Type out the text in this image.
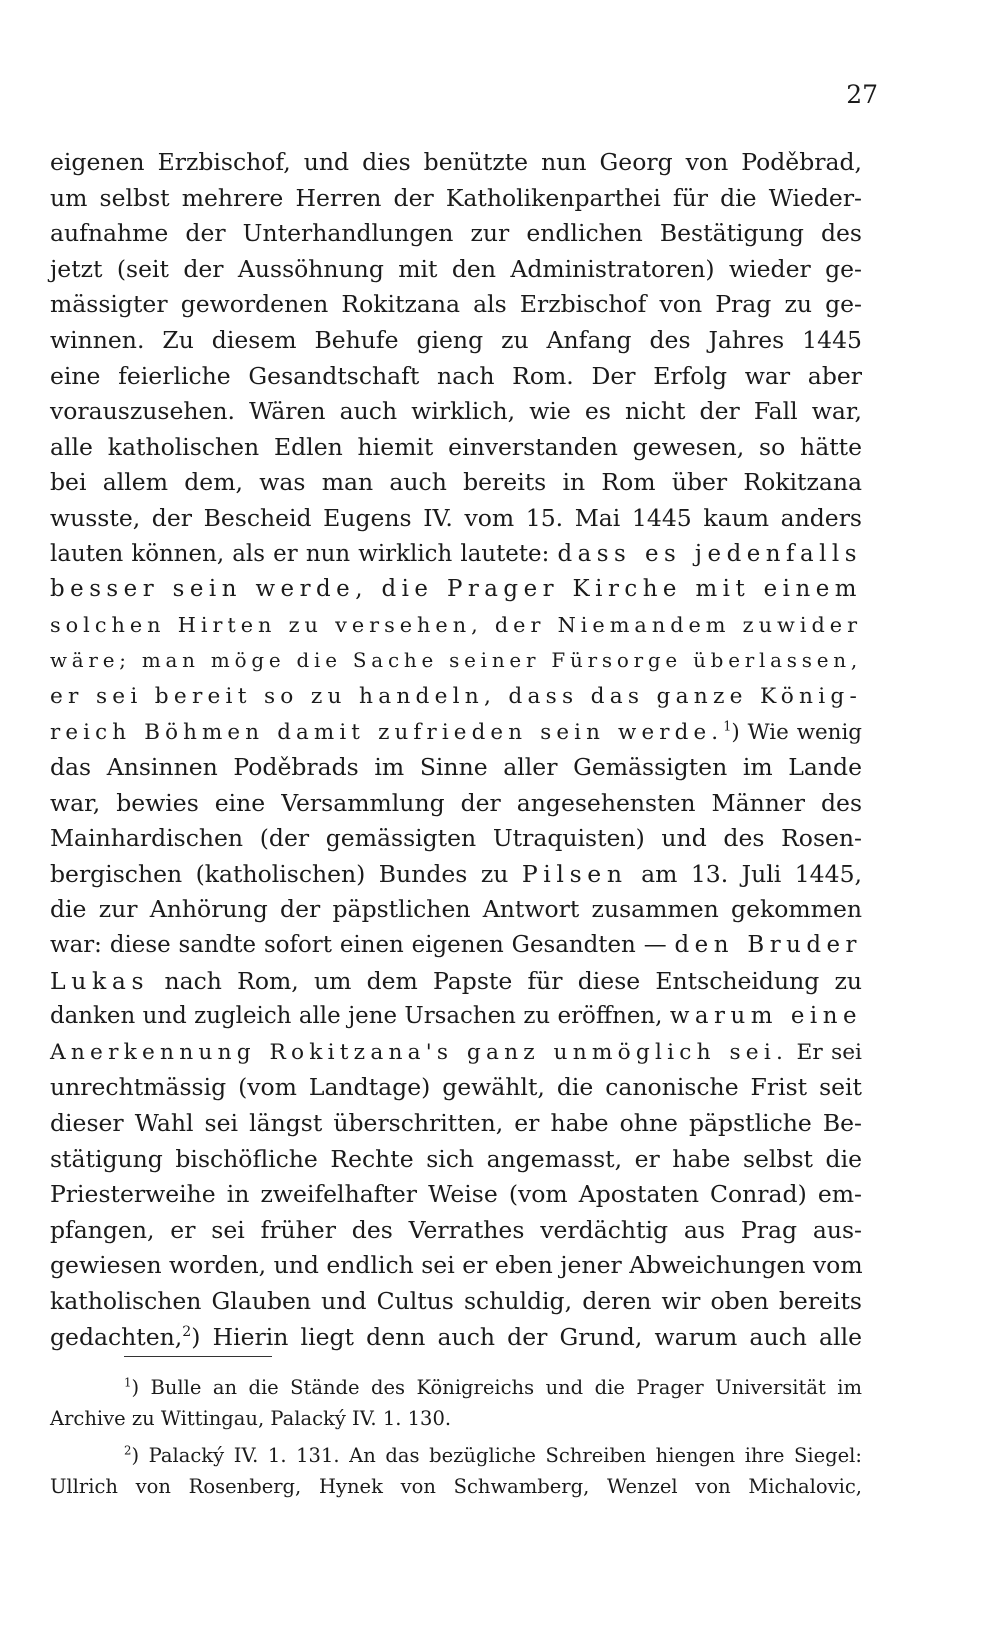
27
eigenen Erzbischof, und dies benützte nun Georg von Poděbrad,
um selbst mehrere Herren der Katholikenparthei für die Wieder-
aufnahme der Unterhandlungen zur endlichen Bestätigung des
jetzt (seit der Aussöhnung mit den Administratoren) wieder ge-
mässigter gewordenen Rokitzana als Erzbischof von Prag zu ge-
winnen. Zu diesem Behufe gieng zu Anfang des Jahres 1445
eine feierliche Gesandtschaft nach Rom. Der Erfolg war aber
vorauszusehen. Wären auch wirklich, wie es nicht der Fall war,
alle katholischen Edlen hiemit einverstanden gewesen, so hätte
bei allem dem, was man auch bereits in Rom über Rokitzana
wusste, der Bescheid Eugens IV. vom 15. Mai 1445 kaum anders
lauten können, als er nun wirklich lautete: dass es jedenfalls
besser sein werde, die Prager Kirche mit einem
solchen Hirten zu versehen, der Niemandem zuwider
wäre; man möge die Sache seiner Fürsorge überlassen,
er sei bereit so zu handeln, dass das ganze König-
reich Böhmen damit zufrieden sein werde.$^1$) Wie wenig
das Ansinnen Poděbrads im Sinne aller Gemässigten im Lande
war, bewies eine Versammlung der angesehensten Männer des
Mainhardischen (der gemässigten Utraquisten) und des Rosen-
bergischen (katholischen) Bundes zu Pilsen am 13. Juli 1445,
die zur Anhörung der päpstlichen Antwort zusammen gekommen
war: diese sandte sofort einen eigenen Gesandten — den Bruder
Lukas nach Rom, um dem Papste für diese Entscheidung zu
danken und zugleich alle jene Ursachen zu eröffnen, warum eine
Anerkennung Rokitzana's ganz unmöglich sei. Er sei
unrechtmässig (vom Landtage) gewählt, die canonische Frist seit
dieser Wahl sei längst überschritten, er habe ohne päpstliche Be-
stätigung bischöfliche Rechte sich angemasst, er habe selbst die
Priesterweihe in zweifelhafter Weise (vom Apostaten Conrad) em-
pfangen, er sei früher des Verrathes verdächtig aus Prag aus-
gewiesen worden, und endlich sei er eben jener Abweichungen vom
katholischen Glauben und Cultus schuldig, deren wir oben bereits
gedachten,$^2$) Hierin liegt denn auch der Grund, warum auch alle
$^1$) Bulle an die Stände des Königreichs und die Prager Universität im
Archive zu Wittingau, Palacký IV. 1. 130.
$^2$) Palacký IV. 1. 131. An das bezügliche Schreiben hiengen ihre Siegel:
Ullrich von Rosenberg, Hynek von Schwamberg, Wenzel von Michalovic,
